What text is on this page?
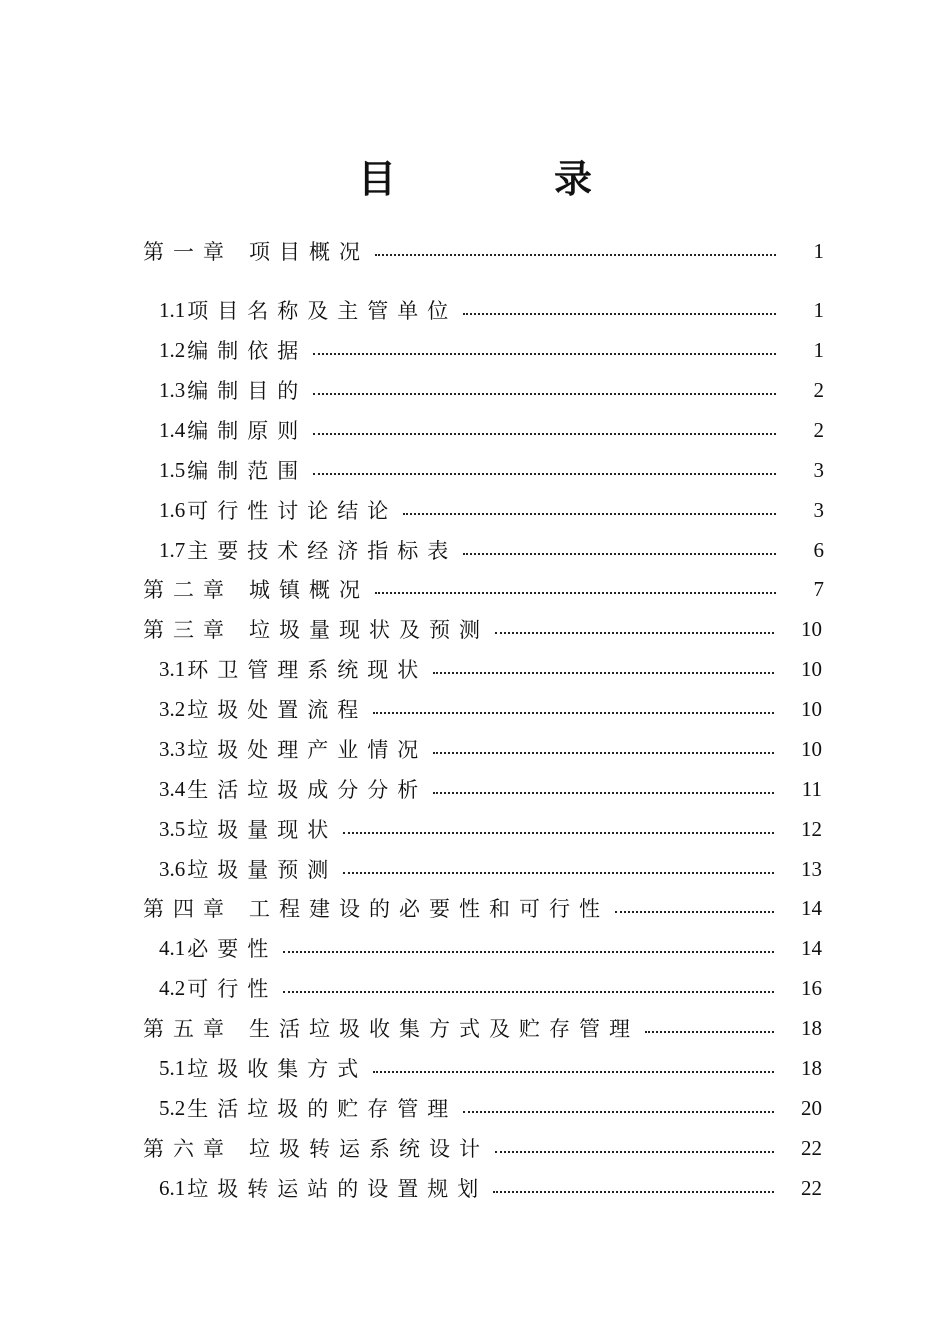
目　录
第一章 项目概况	1
1.1 项目名称及主管单位	1
1.2 编制依据	1
1.3 编制目的	2
1.4 编制原则	2
1.5 编制范围	3
1.6 可行性讨论结论	3
1.7 主要技术经济指标表	6
第二章 城镇概况	7
第三章 垃圾量现状及预测	10
3.1 环卫管理系统现状	10
3.2 垃圾处置流程	10
3.3 垃圾处理产业情况	10
3.4 生活垃圾成分分析	11
3.5 垃圾量现状	12
3.6 垃圾量预测	13
第四章 工程建设的必要性和可行性	14
4.1 必要性	14
4.2 可行性	16
第五章 生活垃圾收集方式及贮存管理	18
5.1 垃圾收集方式	18
5.2 生活垃圾的贮存管理	20
第六章 垃圾转运系统设计	22
6.1 垃圾转运站的设置规划	22
